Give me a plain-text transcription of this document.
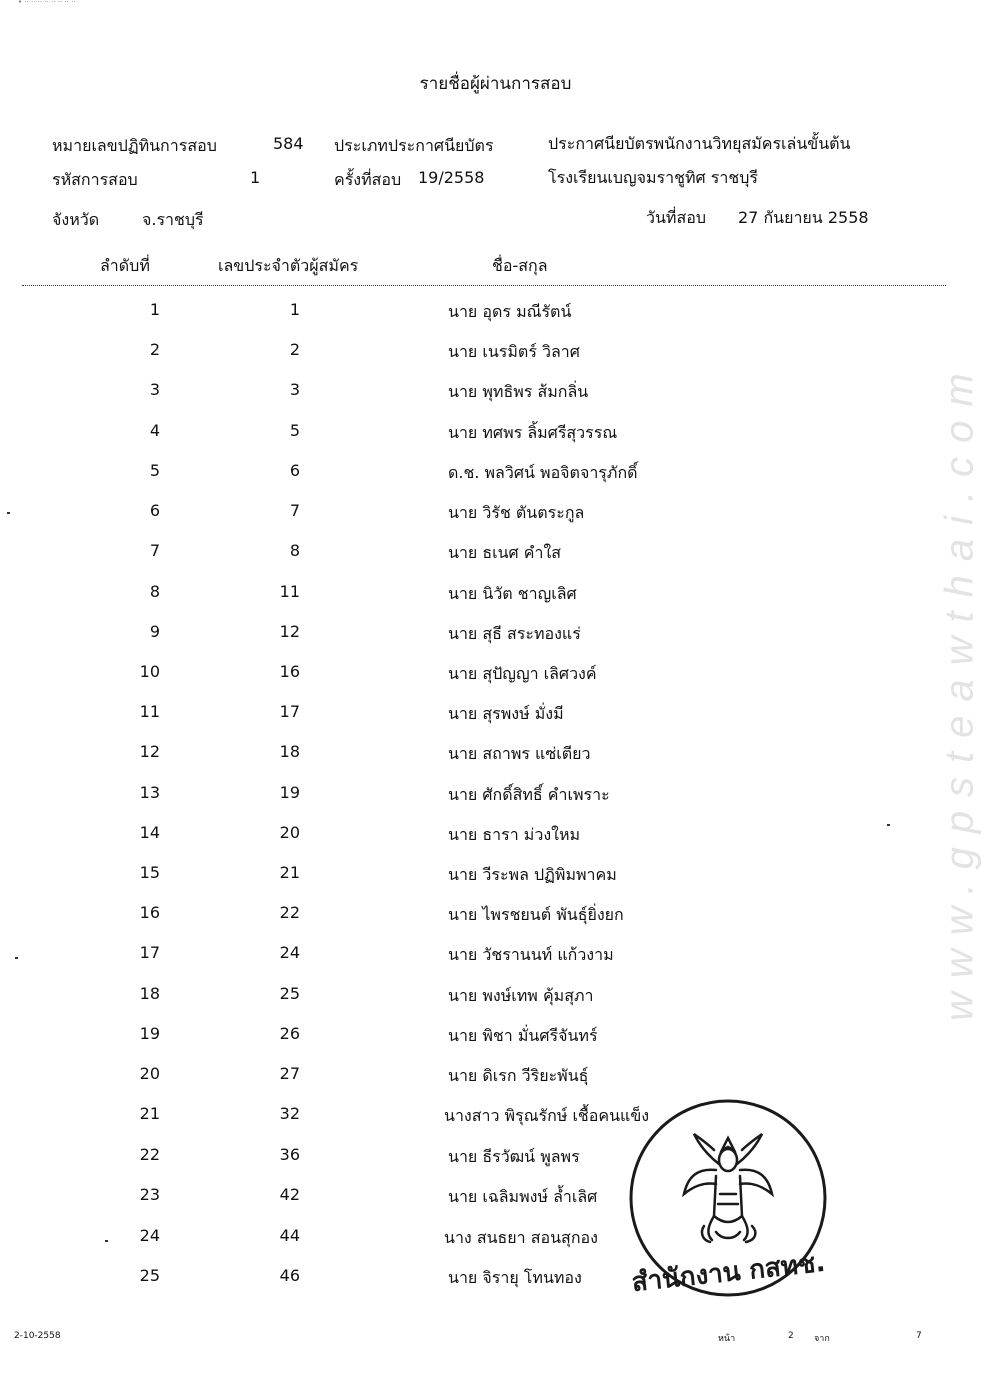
• ·· ·· ·· ·· ·· ·· ·· ··
www.gpsteawthai.com
รายชื่อผู้ผ่านการสอบ
หมายเลขปฏิทินการสอบ	584 ประเภทประกาศนียบัตร	ประกาศนียบัตรพนักงานวิทยุสมัครเล่นขั้นต้น
รหัสการสอบ	1	ครั้งที่สอบ 19/2558	โรงเรียนเบญจมราชูทิศ ราชบุรี
จังหวัด	จ.ราชบุรี	วันที่สอบ 27 กันยายน 2558
ลำดับที่	เลขประจำตัวผู้สมัคร	ชื่อ-สกุล
1	1	นาย อุดร มณีรัตน์
2	2	นาย เนรมิตร์ วิลาศ
3	3	นาย พุทธิพร ส้มกลิ่น
4	5	นาย ทศพร ลิ้มศรีสุวรรณ
5	6	ด.ช. พลวิศน์ พอจิตจารุภักดิ์
6	7	นาย วิรัช ตันตระกูล
7	8	นาย ธเนศ คำใส
8	11	นาย นิวัต ชาญเลิศ
9	12	นาย สุธี สระทองแร่
10	16	นาย สุปัญญา เลิศวงค์
11	17	นาย สุรพงษ์ มั่งมี
12	18	นาย สถาพร แซ่เตียว
13	19	นาย ศักดิ์สิทธิ์ คำเพราะ
14	20	นาย ธารา ม่วงใหม
15	21	นาย วีระพล ปฏิพิมพาคม
16	22	นาย ไพรชยนต์ พันธุ์ยิ่งยก
17	24	นาย วัชรานนท์ แก้วงาม
18	25	นาย พงษ์เทพ คุ้มสุภา
19	26	นาย พิชา มั่นศรีจันทร์
20	27	นาย ดิเรก วีริยะพันธุ์
21	32	นางสาว พิรุณรักษ์ เชื้อคนแข็ง
22	36	นาย ธีรวัฒน์ พูลพร
23	42	นาย เฉลิมพงษ์ ล้ำเลิศ
24	44	นาง สนธยา สอนสุกอง
25	46	นาย จิรายุ โทนทอง สำนักงาน กสทช.
2-10-2558	หน้า	2 จาก	7
